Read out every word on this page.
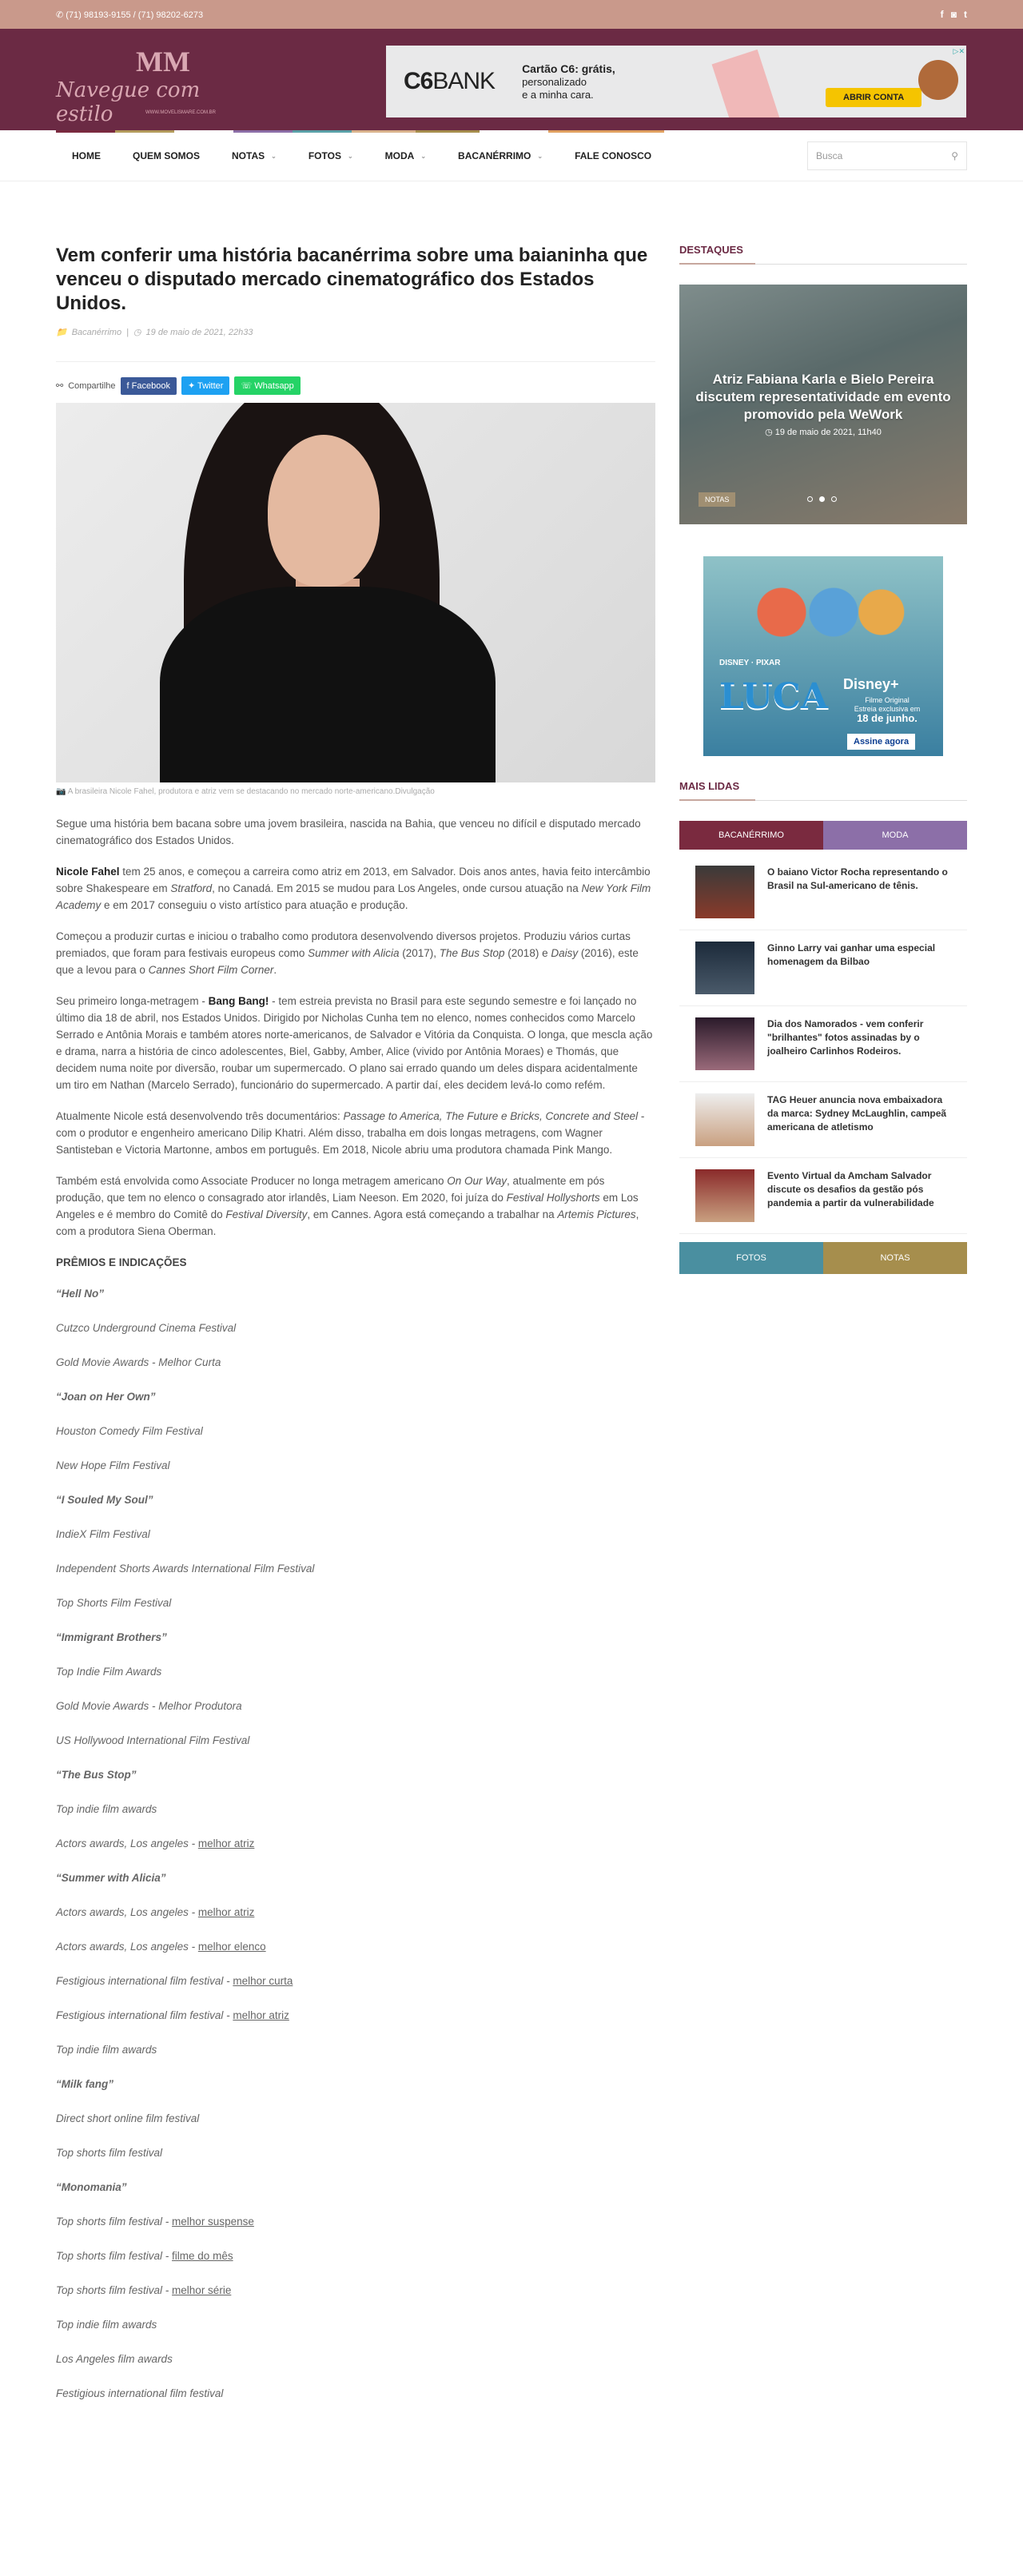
✆ (71) 98193-9155 / (71) 98202-6273	f ◙ t
MM
Navegue com estilo	WWW.MOVELISMARE.COM.BR
C6BANK Cartão C6: grátis,
personalizado
e a minha cara.	ABRIR CONTA
▷✕
HOME	QUEM SOMOS	NOTAS ⌄	FOTOS ⌄	MODA ⌄	BACANÉRRIMO ⌄	FALE CONOSCO	Busca	⚲
Vem conferir uma história bacanérrima sobre uma baianinha que venceu o disputado mercado cinematográfico dos Estados Unidos.
📁 Bacanérrimo | ◷ 19 de maio de 2021, 22h33
⚯ Compartilhe	f Facebook	✦ Twitter	☏ Whatsapp
📷 A brasileira Nicole Fahel, produtora e atriz vem se destacando no mercado norte-americano.Divulgação

Segue uma história bem bacana sobre uma jovem brasileira, nascida na Bahia, que venceu no difícil e disputado mercado cinematográfico dos Estados Unidos.

Nicole Fahel tem 25 anos, e começou a carreira como atriz em 2013, em Salvador. Dois anos antes, havia feito intercâmbio sobre Shakespeare em Stratford, no Canadá. Em 2015 se mudou para Los Angeles, onde cursou atuação na New York Film Academy e em 2017 conseguiu o visto artístico para atuação e produção.

Começou a produzir curtas e iniciou o trabalho como produtora desenvolvendo diversos projetos. Produziu vários curtas premiados, que foram para festivais europeus como Summer with Alicia (2017), The Bus Stop (2018) e Daisy (2016), este que a levou para o Cannes Short Film Corner.

Seu primeiro longa-metragem - Bang Bang! - tem estreia prevista no Brasil para este segundo semestre e foi lançado no último dia 18 de abril, nos Estados Unidos. Dirigido por Nicholas Cunha tem no elenco, nomes conhecidos como Marcelo Serrado e Antônia Morais e também atores norte-americanos, de Salvador e Vitória da Conquista. O longa, que mescla ação e drama, narra a história de cinco adolescentes, Biel, Gabby, Amber, Alice (vivido por Antônia Moraes) e Thomás, que decidem numa noite por diversão, roubar um supermercado. O plano sai errado quando um deles dispara acidentalmente um tiro em Nathan (Marcelo Serrado), funcionário do supermercado. A partir daí, eles decidem levá-lo como refém.

Atualmente Nicole está desenvolvendo três documentários: Passage to America, The Future e Bricks, Concrete and Steel - com o produtor e engenheiro americano Dilip Khatri. Além disso, trabalha em dois longas metragens, com Wagner Santisteban e Victoria Martonne, ambos em português. Em 2018, Nicole abriu uma produtora chamada Pink Mango.

Também está envolvida como Associate Producer no longa metragem americano On Our Way, atualmente em pós produção, que tem no elenco o consagrado ator irlandês, Liam Neeson. Em 2020, foi juíza do Festival Hollyshorts em Los Angeles e é membro do Comitê do Festival Diversity, em Cannes. Agora está começando a trabalhar na Artemis Pictures, com a produtora Siena Oberman.

PRÊMIOS E INDICAÇÕES
“Hell No”
Cutzco Underground Cinema Festival
Gold Movie Awards - Melhor Curta
“Joan on Her Own”
Houston Comedy Film Festival
New Hope Film Festival
“I Souled My Soul”
IndieX Film Festival
Independent Shorts Awards International Film Festival
Top Shorts Film Festival
“Immigrant Brothers”
Top Indie Film Awards
Gold Movie Awards - Melhor Produtora
US Hollywood International Film Festival
“The Bus Stop”
Top indie film awards
Actors awards, Los angeles - melhor atriz
“Summer with Alicia”
Actors awards, Los angeles - melhor atriz
Actors awards, Los angeles - melhor elenco
Festigious international film festival - melhor curta
Festigious international film festival - melhor atriz
Top indie film awards
“Milk fang”
Direct short online film festival
Top shorts film festival
“Monomania”
Top shorts film festival - melhor suspense
Top shorts film festival - filme do mês
Top shorts film festival - melhor série
Top indie film awards
Los Angeles film awards
Festigious international film festival
DESTAQUES
Atriz Fabiana Karla e Bielo Pereira discutem representatividade em evento promovido pela WeWork
◷ 19 de maio de 2021, 11h40
NOTAS
DISNEY · PIXAR
LUCA Disney+
Filme Original
Estreia exclusiva em
18 de junho.
Assine agora
MAIS LIDAS
BACANÉRRIMO	MODA
O baiano Victor Rocha representando o Brasil na Sul-americano de tênis.
Ginno Larry vai ganhar uma especial homenagem da Bilbao
Dia dos Namorados - vem conferir "brilhantes" fotos assinadas by o joalheiro Carlinhos Rodeiros.
TAG Heuer anuncia nova embaixadora da marca: Sydney McLaughlin, campeã americana de atletismo
Evento Virtual da Amcham Salvador discute os desafios da gestão pós pandemia a partir da vulnerabilidade
FOTOS	NOTAS
